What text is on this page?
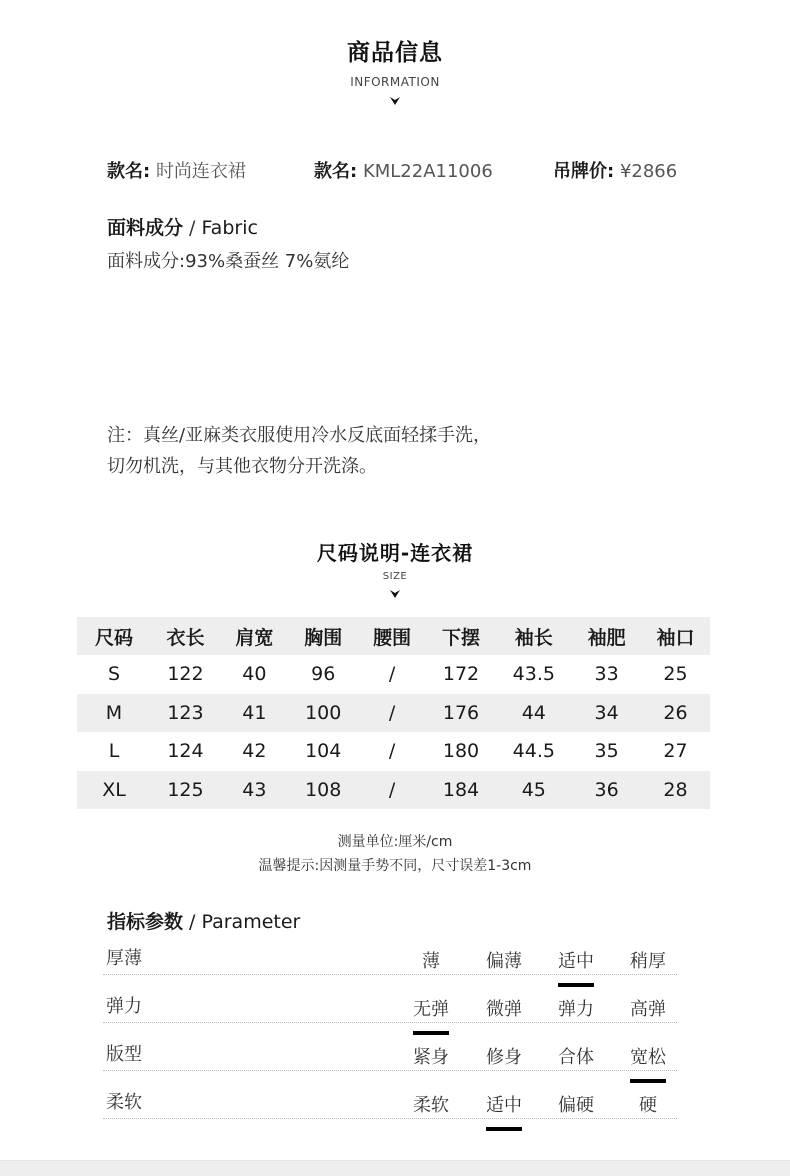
商品信息
INFORMATION
款名: 时尚连衣裙	款名: KML22A11006	吊牌价: ¥2866
面料成分 / Fabric
面料成分:93%桑蚕丝 7%氨纶
注：真丝/亚麻类衣服使用冷水反底面轻揉手洗，
切勿机洗，与其他衣物分开洗涤。
尺码说明-连衣裙
SIZE
尺码	衣长	肩宽	胸围	腰围	下摆	袖长	袖肥	袖口
S	122	40	96	/	172	43.5	33	25
M	123	41	100	/	176	44	34	26
L	124	42	104	/	180	44.5	35	27
XL	125	43	108	/	184	45	36	28
测量单位:厘米/cm
温馨提示:因测量手势不同，尺寸误差1-3cm
指标参数 / Parameter
厚薄	薄	偏薄	适中	稍厚
弹力	无弹	微弹	弹力	高弹
版型	紧身	修身	合体	宽松
柔软	柔软	适中	偏硬	硬
